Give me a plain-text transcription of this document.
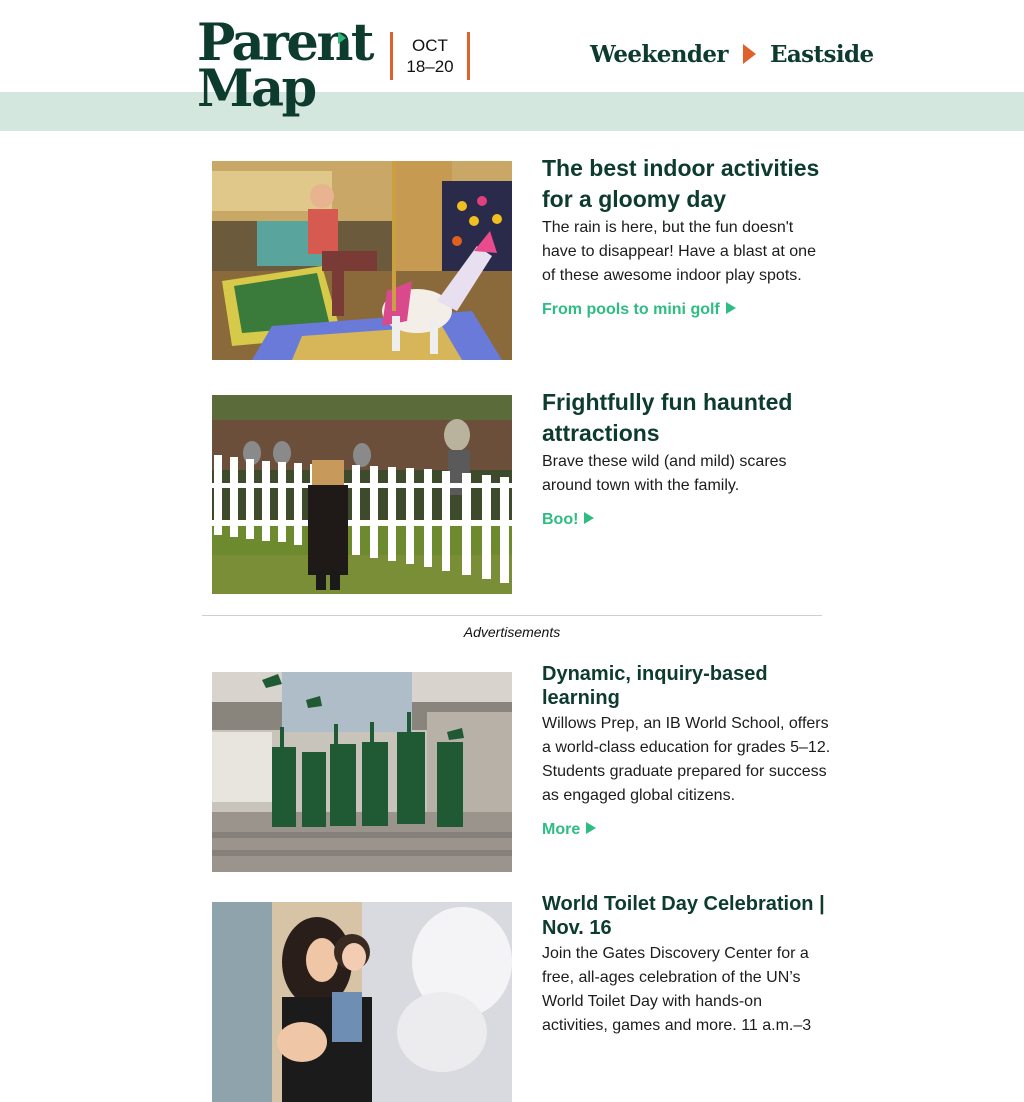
Parent
Map
OCT
18–20	Weekender Eastside
The best indoor activities for a gloomy day

The rain is here, but the fun doesn't have to disappear! Have a blast at one of these awesome indoor play spots.

From pools to mini golf
Frightfully fun haunted attractions

Brave these wild (and mild) scares around town with the family.

Boo!
Advertisements
Dynamic, inquiry-based learning

Willows Prep, an IB World School, offers a world-class education for grades 5–12. Students graduate prepared for success as engaged global citizens.

More
World Toilet Day Celebration | Nov. 16

Join the Gates Discovery Center for a free, all-ages celebration of the UN’s World Toilet Day with hands-on activities, games and more. 11 a.m.–3
